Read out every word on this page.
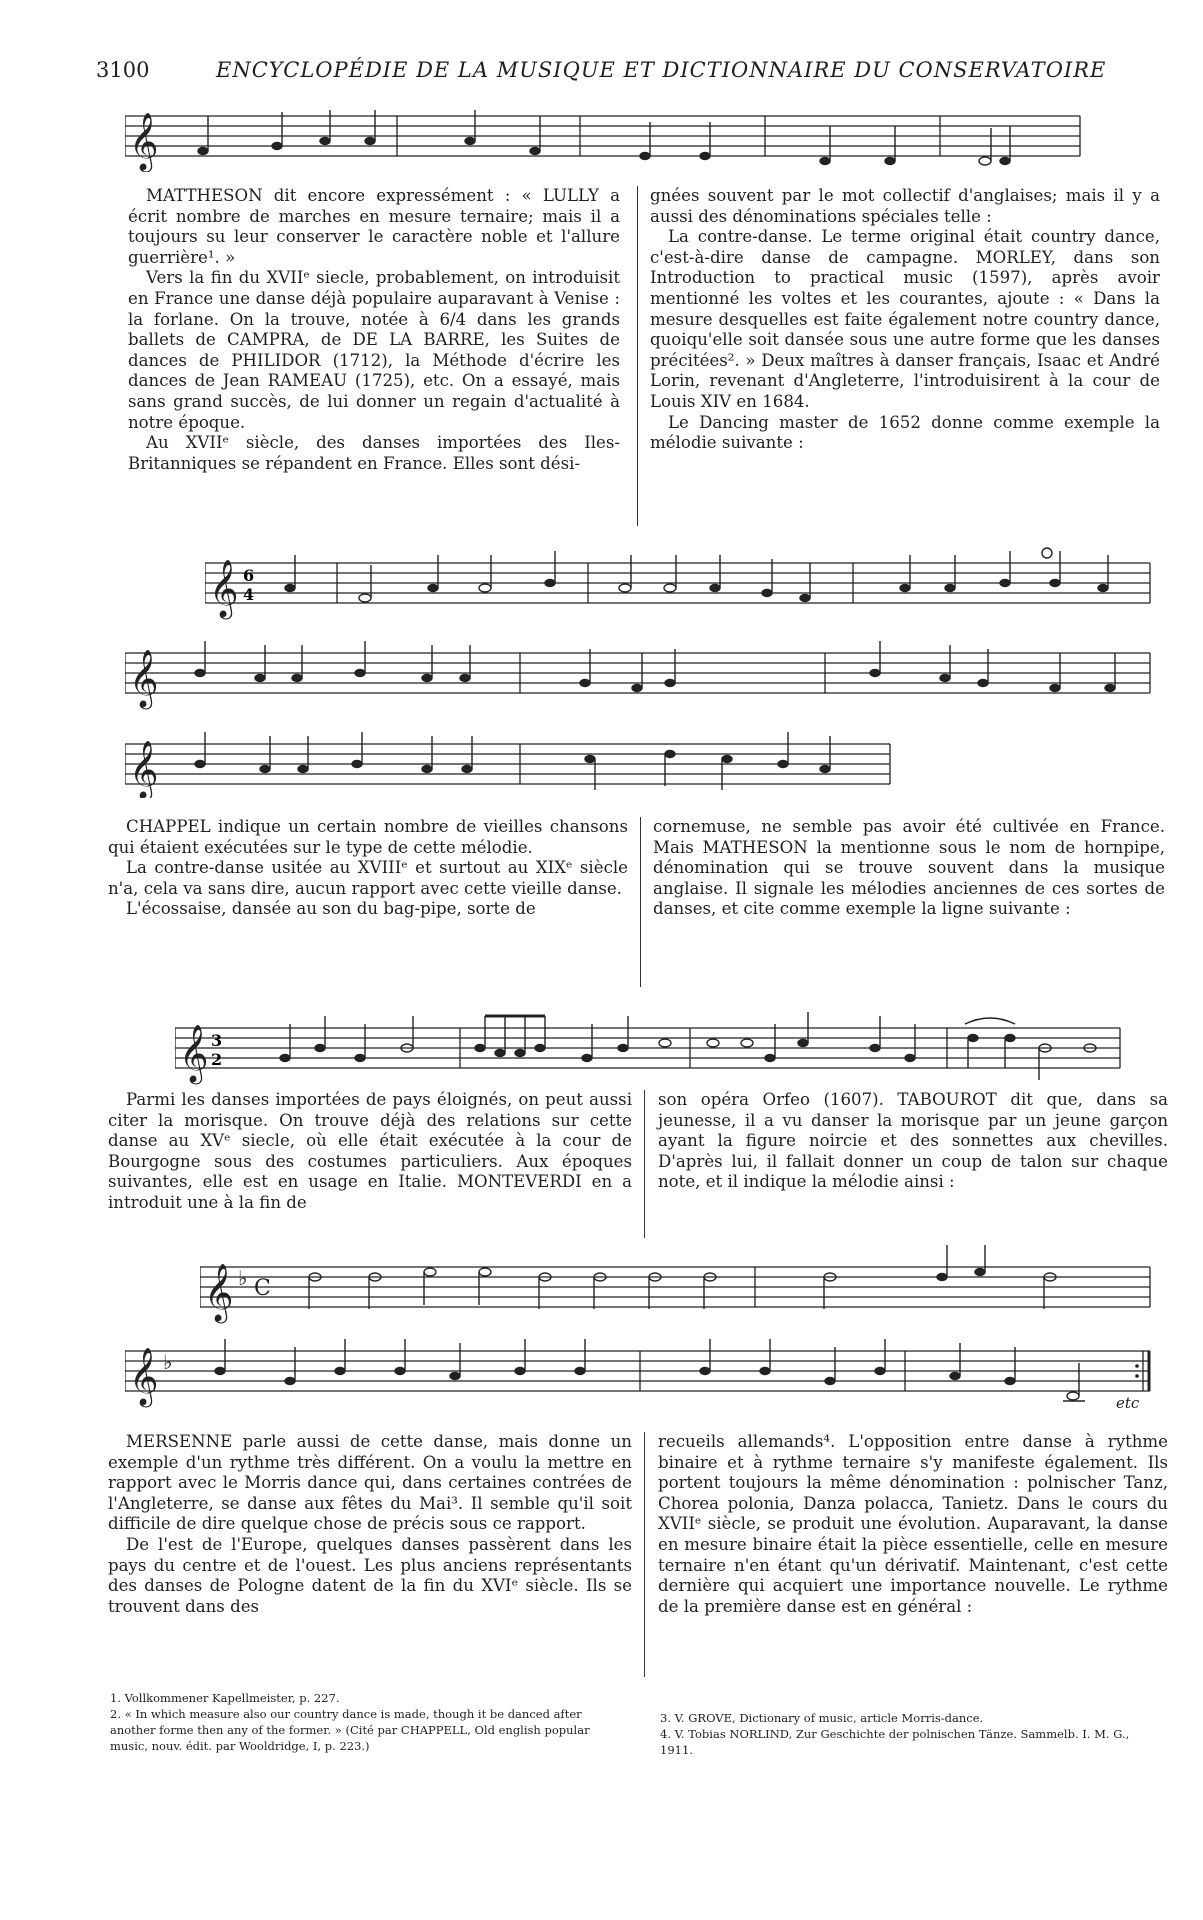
3100	ENCYCLOPÉDIE DE LA MUSIQUE ET DICTIONNAIRE DU CONSERVATOIRE
𝄞

MATTHESON dit encore expressément : « LULLY a écrit nombre de marches en mesure ternaire; mais il a toujours su leur conserver le caractère noble et l'allure guerrière¹. »

Vers la fin du XVIIᵉ siecle, probablement, on introduisit en France une danse déjà populaire auparavant à Venise : la forlane. On la trouve, notée à 6/4 dans les grands ballets de CAMPRA, de DE LA BARRE, les Suites de dances de PHILIDOR (1712), la Méthode d'écrire les dances de Jean RAMEAU (1725), etc. On a essayé, mais sans grand succès, de lui donner un regain d'actualité à notre époque.

Au XVIIᵉ siècle, des danses importées des Iles-Britanniques se répandent en France. Elles sont dési-

gnées souvent par le mot collectif d'anglaises; mais il y a aussi des dénominations spéciales telle :

La contre-danse. Le terme original était country dance, c'est-à-dire danse de campagne. MORLEY, dans son Introduction to practical music (1597), après avoir mentionné les voltes et les courantes, ajoute : « Dans la mesure desquelles est faite également notre country dance, quoiqu'elle soit dansée sous une autre forme que les danses précitées². » Deux maîtres à danser français, Isaac et André Lorin, revenant d'Angleterre, l'introduisirent à la cour de Louis XIV en 1684.

Le Dancing master de 1652 donne comme exemple la mélodie suivante :

𝄞 6
4
𝄞
𝄞

CHAPPEL indique un certain nombre de vieilles chansons qui étaient exécutées sur le type de cette mélodie.

La contre-danse usitée au XVIIIᵉ et surtout au XIXᵉ siècle n'a, cela va sans dire, aucun rapport avec cette vieille danse.

L'écossaise, dansée au son du bag-pipe, sorte de

cornemuse, ne semble pas avoir été cultivée en France. Mais MATHESON la mentionne sous le nom de hornpipe, dénomination qui se trouve souvent dans la musique anglaise. Il signale les mélodies anciennes de ces sortes de danses, et cite comme exemple la ligne suivante :

𝄞 3
2

Parmi les danses importées de pays éloignés, on peut aussi citer la morisque. On trouve déjà des relations sur cette danse au XVᵉ siecle, où elle était exécutée à la cour de Bourgogne sous des costumes particuliers. Aux époques suivantes, elle est en usage en Italie. MONTEVERDI en a introduit une à la fin de

son opéra Orfeo (1607). TABOUROT dit que, dans sa jeunesse, il a vu danser la morisque par un jeune garçon ayant la figure noircie et des sonnettes aux chevilles. D'après lui, il fallait donner un coup de talon sur chaque note, et il indique la mélodie ainsi :

𝄞 ♭ C
𝄞 ♭
etc

MERSENNE parle aussi de cette danse, mais donne un exemple d'un rythme très différent. On a voulu la mettre en rapport avec le Morris dance qui, dans certaines contrées de l'Angleterre, se danse aux fêtes du Mai³. Il semble qu'il soit difficile de dire quelque chose de précis sous ce rapport.

De l'est de l'Europe, quelques danses passèrent dans les pays du centre et de l'ouest. Les plus anciens représentants des danses de Pologne datent de la fin du XVIᵉ siècle. Ils se trouvent dans des

recueils allemands⁴. L'opposition entre danse à rythme binaire et à rythme ternaire s'y manifeste également. Ils portent toujours la même dénomination : polnischer Tanz, Chorea polonia, Danza polacca, Tanietz. Dans le cours du XVIIᵉ siècle, se produit une évolution. Auparavant, la danse en mesure binaire était la pièce essentielle, celle en mesure ternaire n'en étant qu'un dérivatif. Maintenant, c'est cette dernière qui acquiert une importance nouvelle. Le rythme de la première danse est en général :

1. Vollkommener Kapellmeister, p. 227.

2. « In which measure also our country dance is made, though it be danced after another forme then any of the former. » (Cité par CHAPPELL, Old english popular music, nouv. édit. par Wooldridge, I, p. 223.)

3. V. GROVE, Dictionary of music, article Morris-dance.

4. V. Tobias NORLIND, Zur Geschichte der polnischen Tänze. Sammelb. I. M. G., 1911.
